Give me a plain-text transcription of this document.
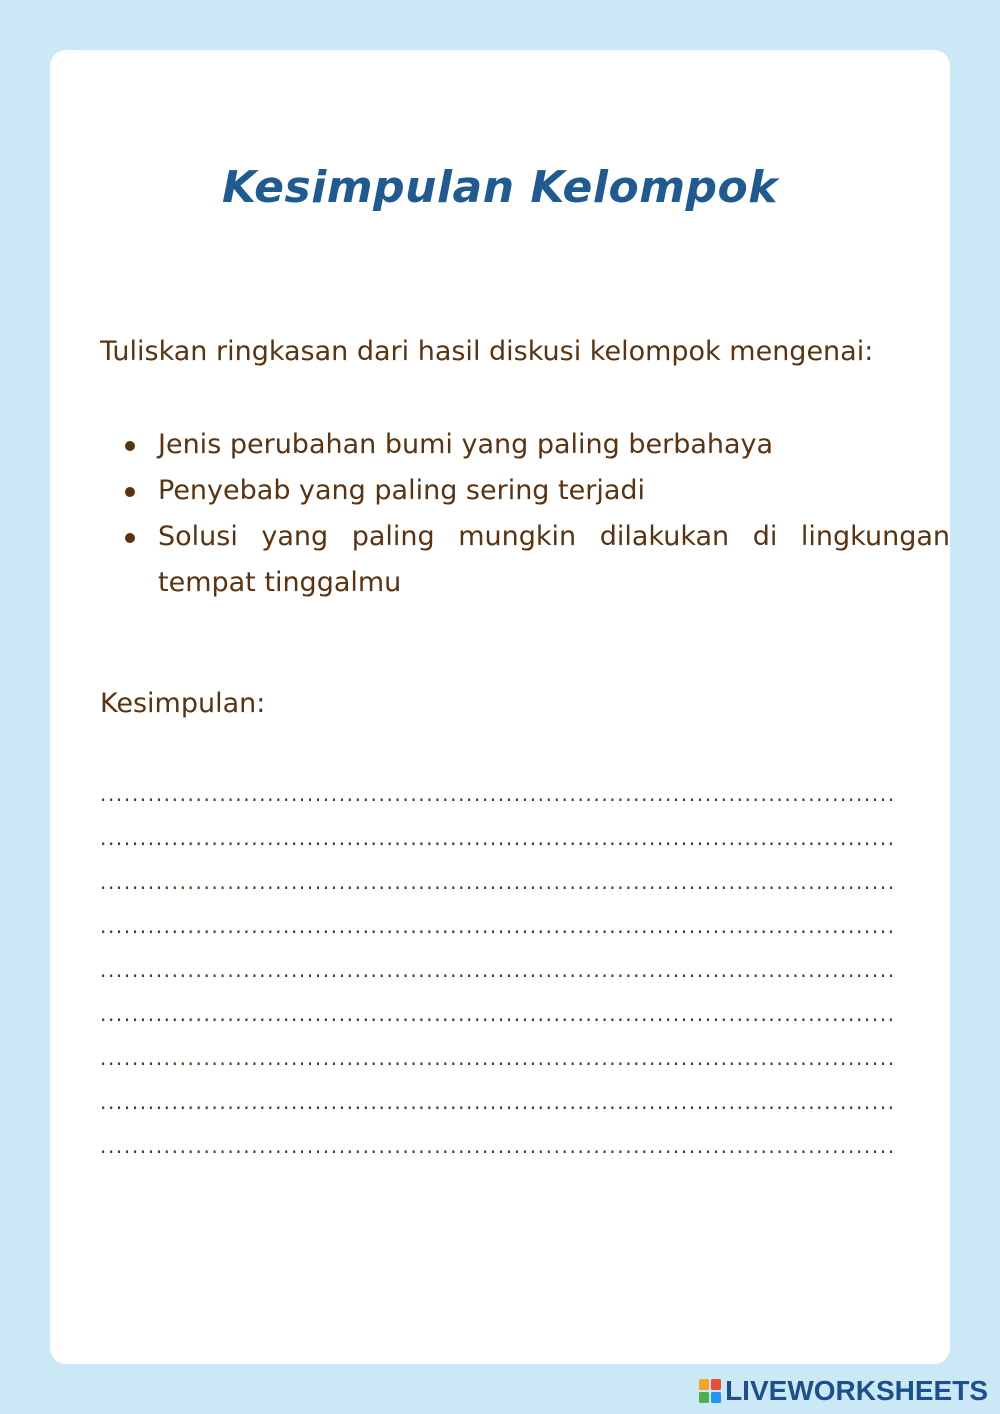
Kesimpulan Kelompok

Tuliskan ringkasan dari hasil diskusi kelompok mengenai:

Jenis perubahan bumi yang paling berbahaya
Penyebab yang paling sering terjadi
Solusi yang paling mungkin dilakukan di lingkungan tempat tinggalmu

Kesimpulan:

....................................................................................................
....................................................................................................
....................................................................................................
....................................................................................................
....................................................................................................
....................................................................................................
....................................................................................................
....................................................................................................
....................................................................................................
LIVEWORKSHEETS
